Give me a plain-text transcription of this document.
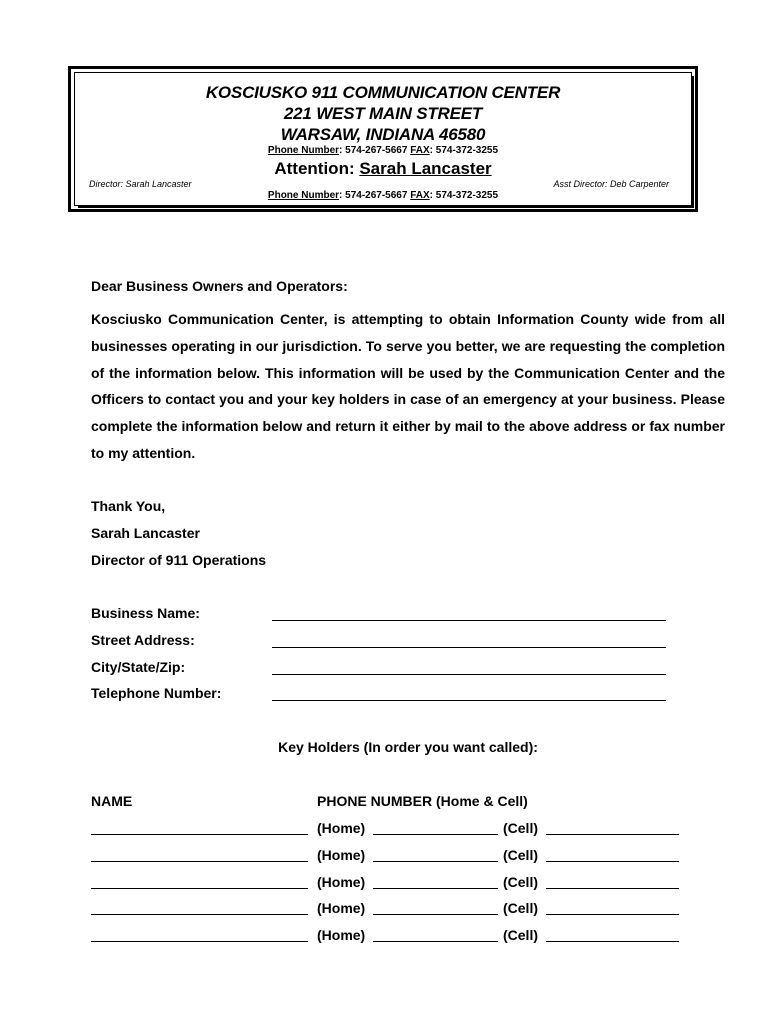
KOSCIUSKO 911 COMMUNICATION CENTER
221 WEST MAIN STREET
WARSAW, INDIANA 46580
Phone Number: 574-267-5667 FAX: 574-372-3255
Attention: Sarah Lancaster
Director: Sarah Lancaster	Asst Director: Deb Carpenter
Phone Number: 574-267-5667 FAX: 574-372-3255
Dear Business Owners and Operators:
Kosciusko Communication Center, is attempting to obtain Information County wide from all businesses operating in our jurisdiction. To serve you better, we are requesting the completion of the information below. This information will be used by the Communication Center and the Officers to contact you and your key holders in case of an emergency at your business. Please complete the information below and return it either by mail to the above address or fax number to my attention.
Thank You,
Sarah Lancaster
Director of 911 Operations
Business Name:
Street Address:
City/State/Zip:
Telephone Number:
Key Holders (In order you want called):
NAME	PHONE NUMBER (Home & Cell)
(Home)	(Cell)
(Home)	(Cell)
(Home)	(Cell)
(Home)	(Cell)
(Home)	(Cell)
